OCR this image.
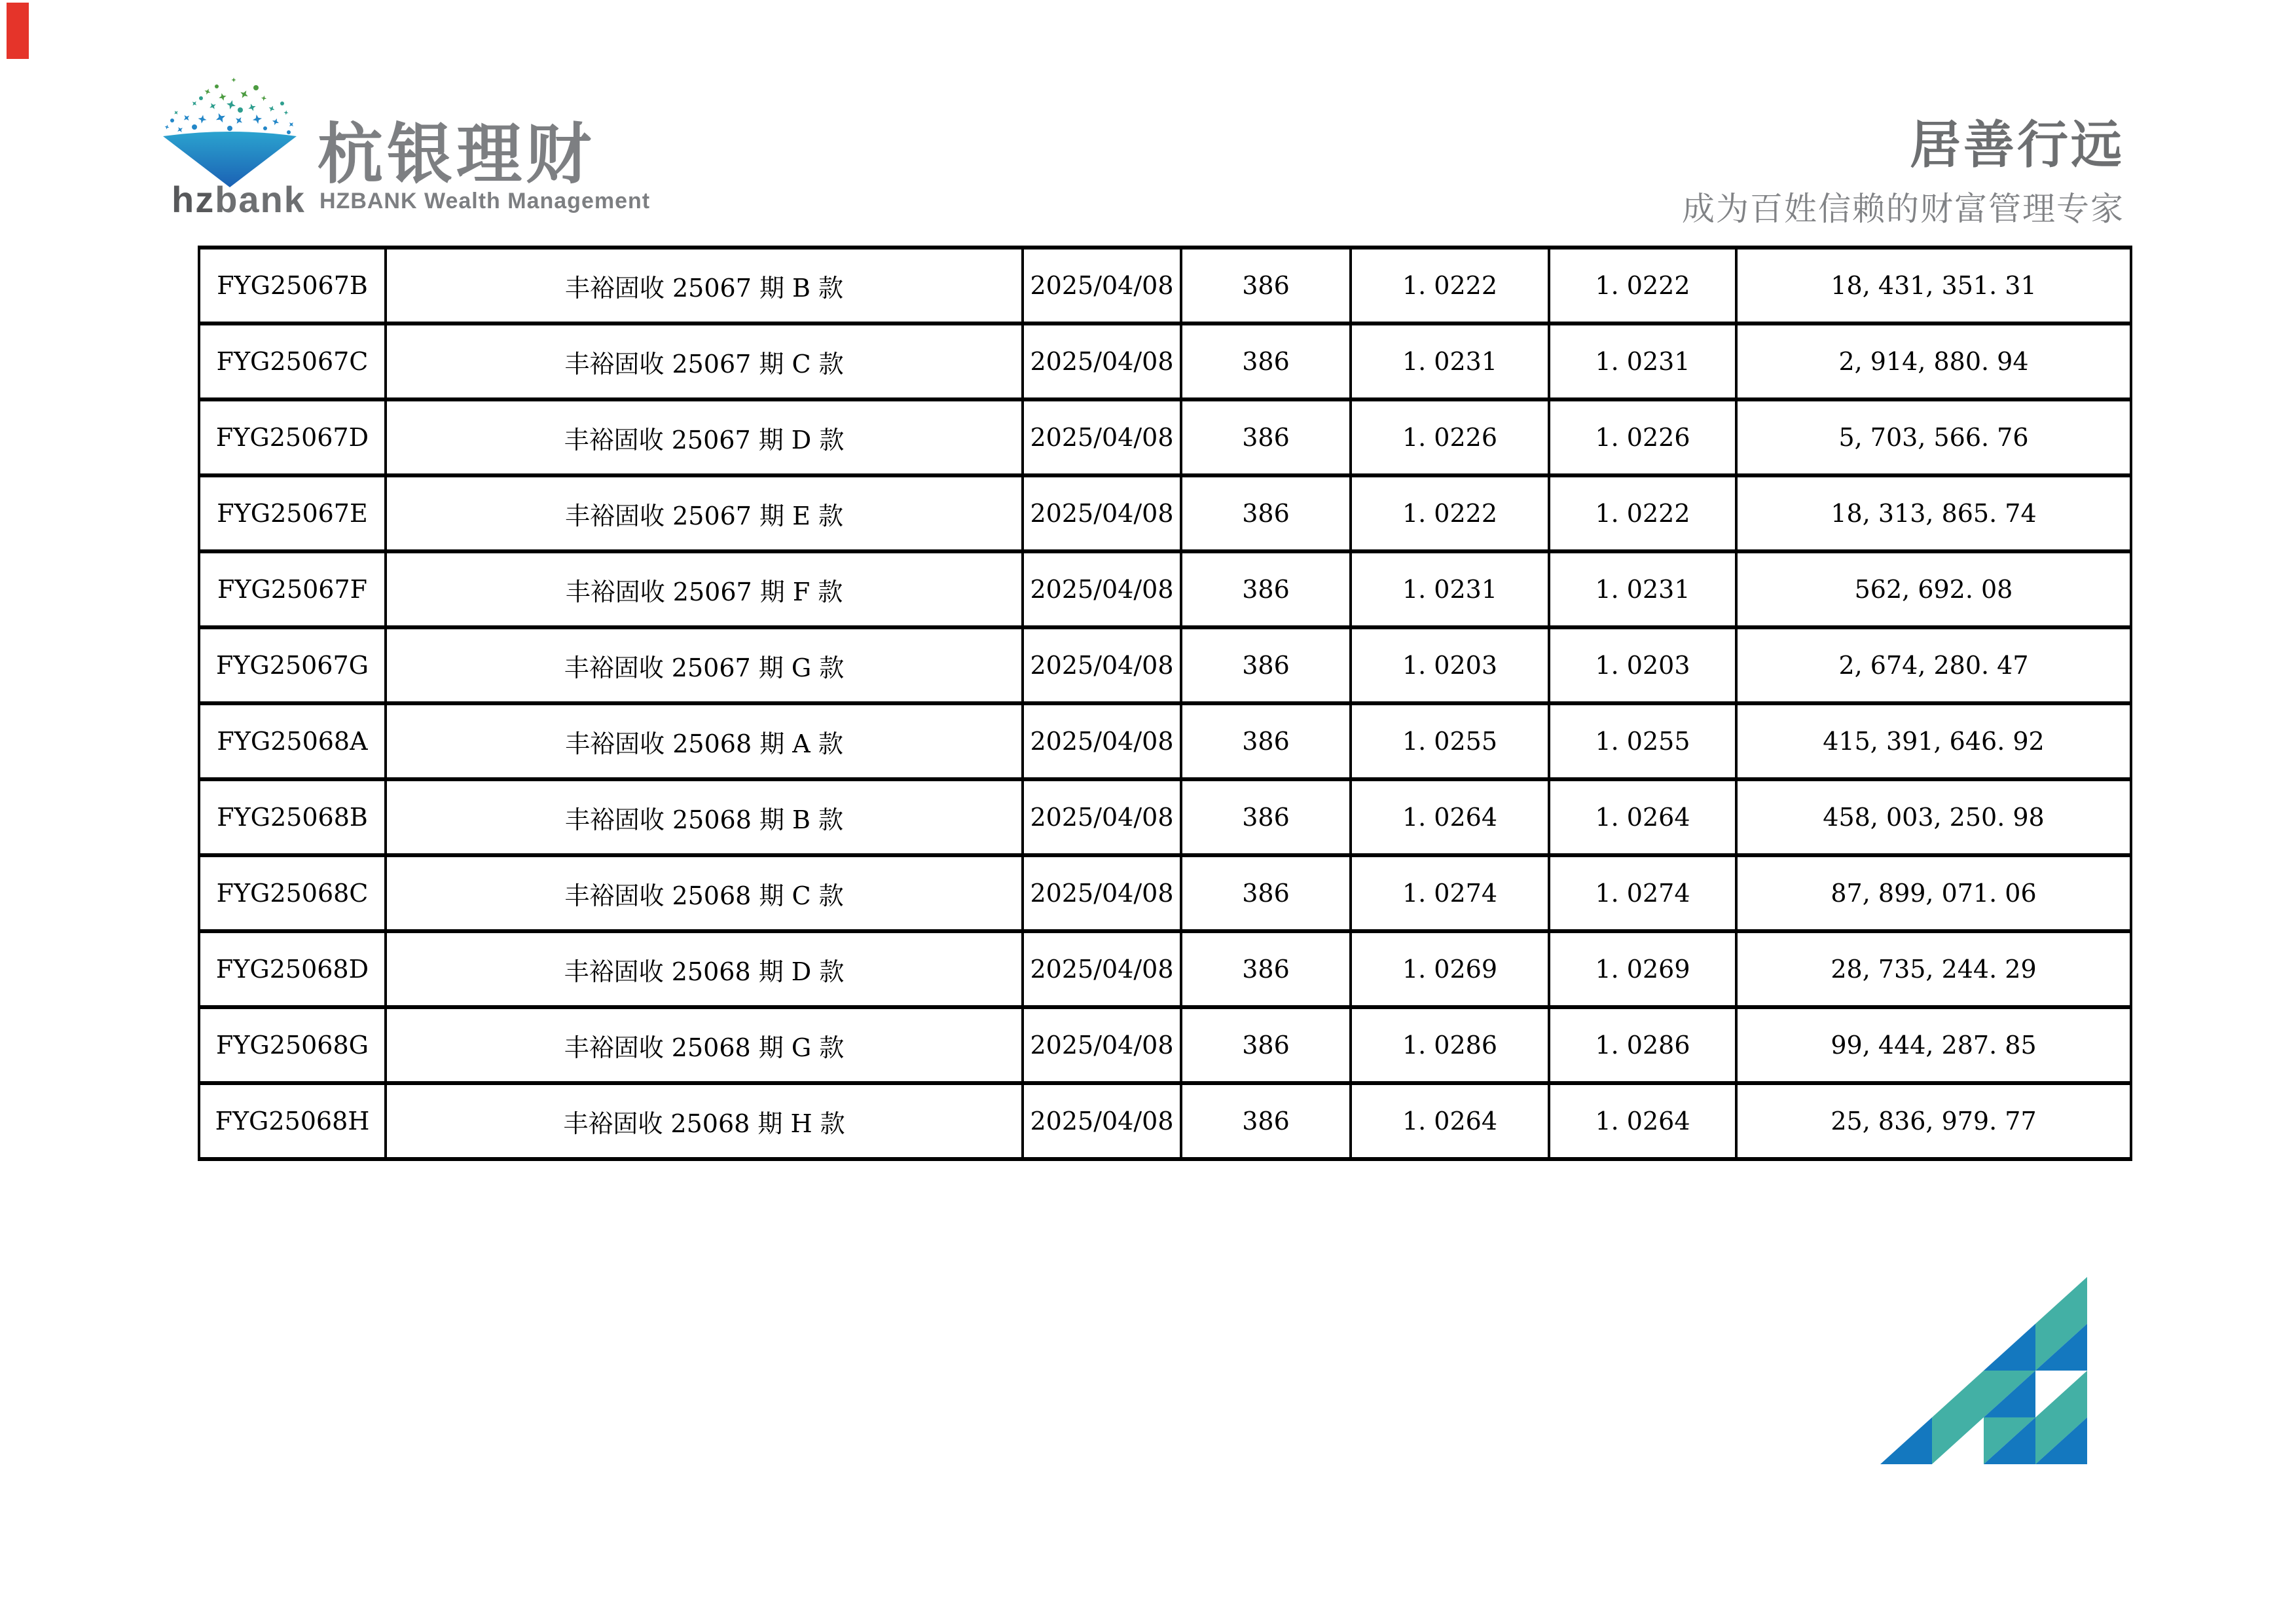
hzbank
杭银理财
HZBANK Wealth Management
居善行远
成为百姓信赖的财富管理专家
FYG25067B	丰裕固收 25067 期 B 款	2025/04/08	386	1. 0222	1. 0222	18, 431, 351. 31
FYG25067C	丰裕固收 25067 期 C 款	2025/04/08	386	1. 0231	1. 0231	2, 914, 880. 94
FYG25067D	丰裕固收 25067 期 D 款	2025/04/08	386	1. 0226	1. 0226	5, 703, 566. 76
FYG25067E	丰裕固收 25067 期 E 款	2025/04/08	386	1. 0222	1. 0222	18, 313, 865. 74
FYG25067F	丰裕固收 25067 期 F 款	2025/04/08	386	1. 0231	1. 0231	562, 692. 08
FYG25067G	丰裕固收 25067 期 G 款	2025/04/08	386	1. 0203	1. 0203	2, 674, 280. 47
FYG25068A	丰裕固收 25068 期 A 款	2025/04/08	386	1. 0255	1. 0255	415, 391, 646. 92
FYG25068B	丰裕固收 25068 期 B 款	2025/04/08	386	1. 0264	1. 0264	458, 003, 250. 98
FYG25068C	丰裕固收 25068 期 C 款	2025/04/08	386	1. 0274	1. 0274	87, 899, 071. 06
FYG25068D	丰裕固收 25068 期 D 款	2025/04/08	386	1. 0269	1. 0269	28, 735, 244. 29
FYG25068G	丰裕固收 25068 期 G 款	2025/04/08	386	1. 0286	1. 0286	99, 444, 287. 85
FYG25068H	丰裕固收 25068 期 H 款	2025/04/08	386	1. 0264	1. 0264	25, 836, 979. 77
